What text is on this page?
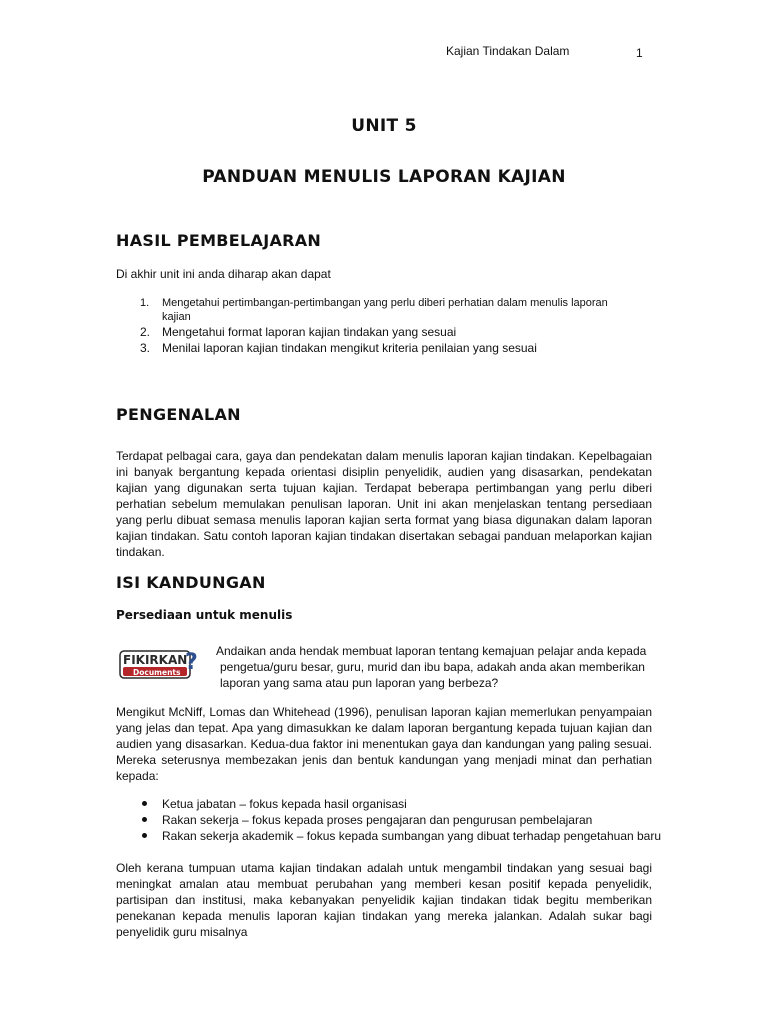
Kajian Tindakan Dalam	1
UNIT 5
PANDUAN MENULIS LAPORAN KAJIAN
HASIL PEMBELAJARAN
Di akhir unit ini anda diharap akan dapat
1. Mengetahui pertimbangan-pertimbangan yang perlu diberi perhatian dalam menulis laporan kajian
2. Mengetahui format laporan kajian tindakan yang sesuai
3. Menilai laporan kajian tindakan mengikut kriteria penilaian yang sesuai
PENGENALAN
Terdapat pelbagai cara, gaya dan pendekatan dalam menulis laporan kajian tindakan. Kepelbagaian ini banyak bergantung kepada orientasi disiplin penyelidik, audien yang disasarkan, pendekatan kajian yang digunakan serta tujuan kajian. Terdapat beberapa pertimbangan yang perlu diberi perhatian sebelum memulakan penulisan laporan. Unit ini akan menjelaskan tentang persediaan yang perlu dibuat semasa menulis laporan kajian serta format yang biasa digunakan dalam laporan kajian tindakan. Satu contoh laporan kajian tindakan disertakan sebagai panduan melaporkan kajian tindakan.
ISI KANDUNGAN
Persediaan untuk menulis
FIKIRKAN
Documents ? Andaikan anda hendak membuat laporan tentang kemajuan pelajar anda kepada
pengetua/guru besar, guru, murid dan ibu bapa, adakah anda akan memberikan
laporan yang sama atau pun laporan yang berbeza?
Mengikut McNiff, Lomas dan Whitehead (1996), penulisan laporan kajian memerlukan penyampaian yang jelas dan tepat. Apa yang dimasukkan ke dalam laporan bergantung kepada tujuan kajian dan audien yang disasarkan. Kedua-dua faktor ini menentukan gaya dan kandungan yang paling sesuai. Mereka seterusnya membezakan jenis dan bentuk kandungan yang menjadi minat dan perhatian kepada:
Ketua jabatan – fokus kepada hasil organisasi
Rakan sekerja – fokus kepada proses pengajaran dan pengurusan pembelajaran
Rakan sekerja akademik – fokus kepada sumbangan yang dibuat terhadap pengetahuan baru
Oleh kerana tumpuan utama kajian tindakan adalah untuk mengambil tindakan yang sesuai bagi meningkat amalan atau membuat perubahan yang memberi kesan positif kepada penyelidik, partisipan dan institusi, maka kebanyakan penyelidik kajian tindakan tidak begitu memberikan penekanan kepada menulis laporan kajian tindakan yang mereka jalankan. Adalah sukar bagi penyelidik guru misalnya
